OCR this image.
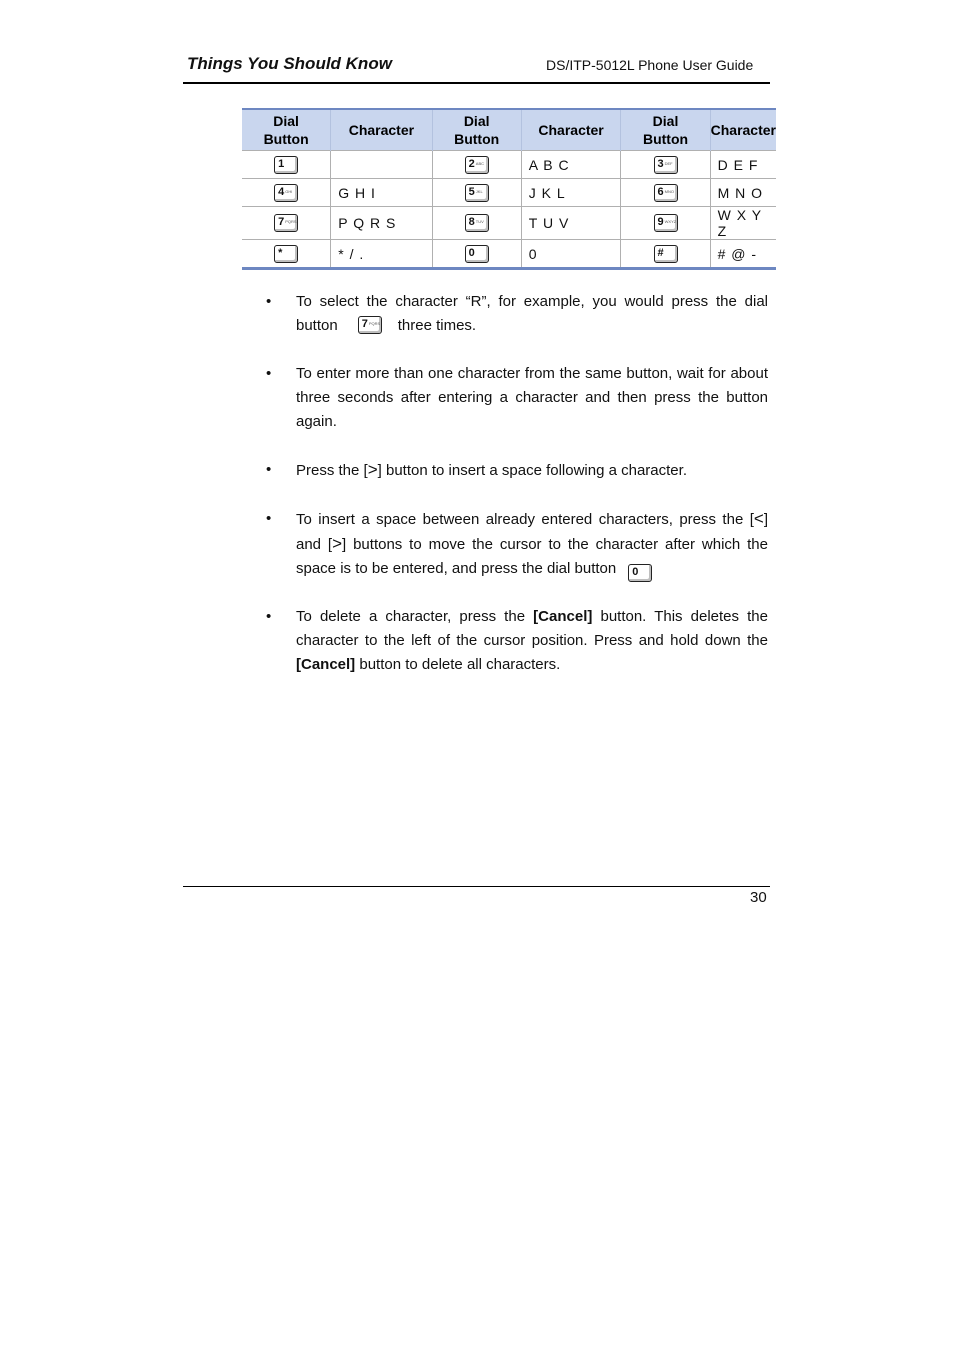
Things You Should Know	DS/ITP-5012L Phone User Guide
Dial Button	Character	Dial Button	Character	Dial Button	Character

1		2 ABC	A B C	3 DEF	D E F

4 GHI	G H I	5 JKL	J K L	6 MNO	M N O

7 PQRS	P Q R S	8 TUV	T U V	9 WXYZ	W X Y Z

*	* / .	0	0	#	# @ -
• To select the character “R”, for example, you would press the dial button 7 PQRS three times.
• To enter more than one character from the same button, wait for about three seconds after entering a character and then press the button again.
• Press the [>] button to insert a space following a character.
• To insert a space between already entered characters, press the [<] and [>] buttons to move the cursor to the character after which the space is to be entered, and press the dial button 0
• To delete a character, press the [Cancel] button. This deletes the character to the left of the cursor position. Press and hold down the [Cancel] button to delete all characters.
30
